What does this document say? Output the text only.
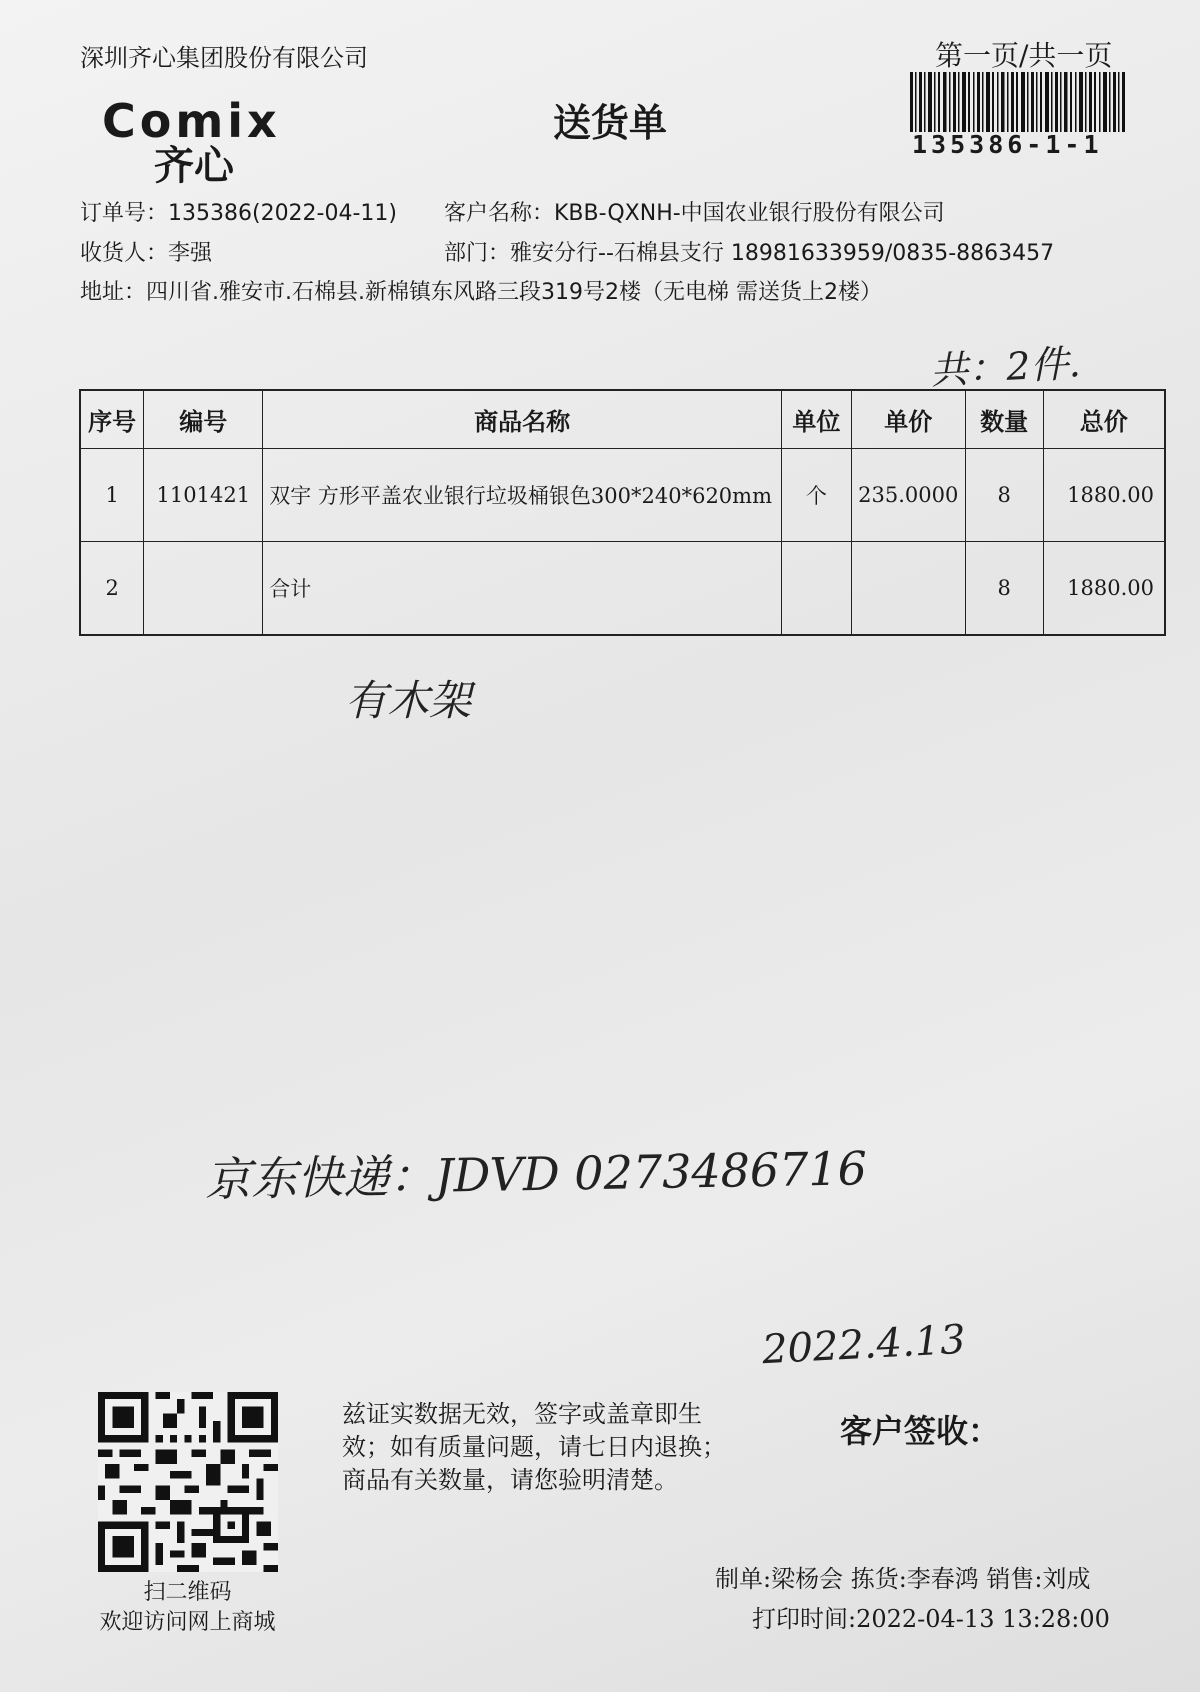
深圳齐心集团股份有限公司	第一页/共一页
Comix
齐心
送货单	135386-1-1
订单号：135386(2022-04-11) 客户名称：KBB-QXNH-中国农业银行股份有限公司
收货人：李强	部门：雅安分行--石棉县支行 18981633959/0835-8863457
地址：四川省.雅安市.石棉县.新棉镇东风路三段319号2楼（无电梯 需送货上2楼）
共：2件.
序号	编号	商品名称	单位	单价	数量	总价
1	1101421	双宇 方形平盖农业银行垃圾桶银色300*240*620mm	个	235.0000	8	1880.00
2		合计			8	1880.00
有木架
京东快递：JDVD 0273486716
2022.4.13
扫二维码
欢迎访问网上商城
兹证实数据无效，签字或盖章即生效；如有质量问题，请七日内退换；商品有关数量，请您验明清楚。
客户签收：
制单:梁杨会 拣货:李春鸿 销售:刘成
打印时间:2022-04-13 13:28:00
